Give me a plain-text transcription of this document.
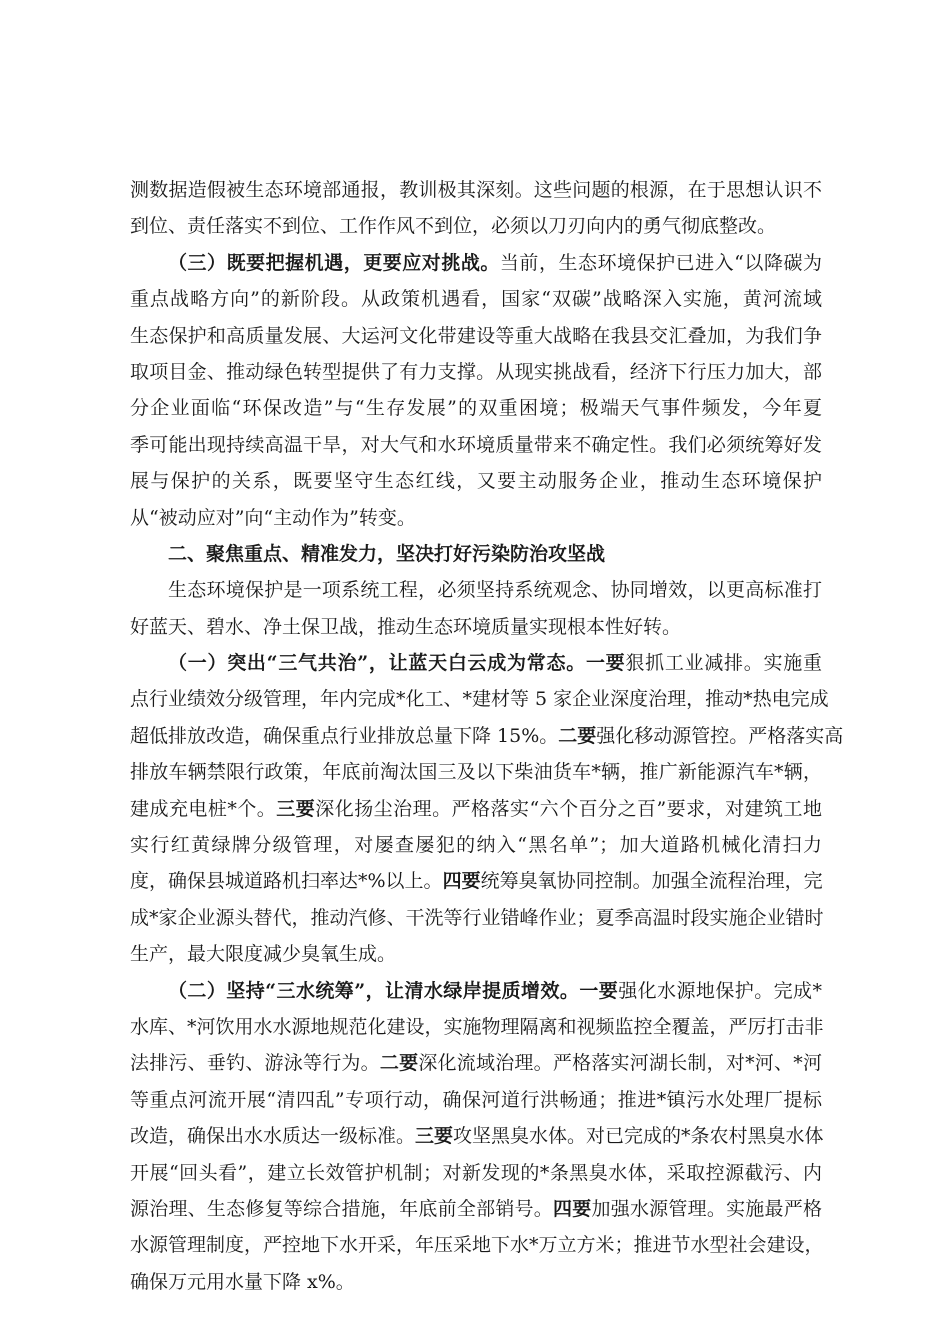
测数据造假被生态环境部通报，教训极其深刻。这些问题的根源，在于思想认识不
到位、责任落实不到位、工作作风不到位，必须以刀刃向内的勇气彻底整改。
（三）既要把握机遇，更要应对挑战。当前，生态环境保护已进入“以降碳为
重点战略方向”的新阶段。从政策机遇看，国家“双碳”战略深入实施，黄河流域
生态保护和高质量发展、大运河文化带建设等重大战略在我县交汇叠加，为我们争
取项目金、推动绿色转型提供了有力支撑。从现实挑战看，经济下行压力加大，部
分企业面临“环保改造”与“生存发展”的双重困境；极端天气事件频发，今年夏
季可能出现持续高温干旱，对大气和水环境质量带来不确定性。我们必须统筹好发
展与保护的关系，既要坚守生态红线，又要主动服务企业，推动生态环境保护
从“被动应对”向“主动作为”转变。
二、聚焦重点、精准发力，坚决打好污染防治攻坚战
生态环境保护是一项系统工程，必须坚持系统观念、协同增效，以更高标准打
好蓝天、碧水、净土保卫战，推动生态环境质量实现根本性好转。
（一）突出“三气共治”，让蓝天白云成为常态。一要狠抓工业减排。实施重
点行业绩效分级管理，年内完成*化工、*建材等 5 家企业深度治理，推动*热电完成
超低排放改造，确保重点行业排放总量下降 15%。二要强化移动源管控。严格落实高
排放车辆禁限行政策，年底前淘汰国三及以下柴油货车*辆，推广新能源汽车*辆，
建成充电桩*个。三要深化扬尘治理。严格落实“六个百分之百”要求，对建筑工地
实行红黄绿牌分级管理，对屡查屡犯的纳入“黑名单”；加大道路机械化清扫力
度，确保县城道路机扫率达*%以上。四要统筹臭氧协同控制。加强全流程治理，完
成*家企业源头替代，推动汽修、干洗等行业错峰作业；夏季高温时段实施企业错时
生产，最大限度减少臭氧生成。
（二）坚持“三水统筹”，让清水绿岸提质增效。一要强化水源地保护。完成*
水库、*河饮用水水源地规范化建设，实施物理隔离和视频监控全覆盖，严厉打击非
法排污、垂钓、游泳等行为。二要深化流域治理。严格落实河湖长制，对*河、*河
等重点河流开展“清四乱”专项行动，确保河道行洪畅通；推进*镇污水处理厂提标
改造，确保出水水质达一级标准。三要攻坚黑臭水体。对已完成的*条农村黑臭水体
开展“回头看”，建立长效管护机制；对新发现的*条黑臭水体，采取控源截污、内
源治理、生态修复等综合措施，年底前全部销号。四要加强水源管理。实施最严格
水源管理制度，严控地下水开采，年压采地下水*万立方米；推进节水型社会建设，
确保万元用水量下降 x%。
